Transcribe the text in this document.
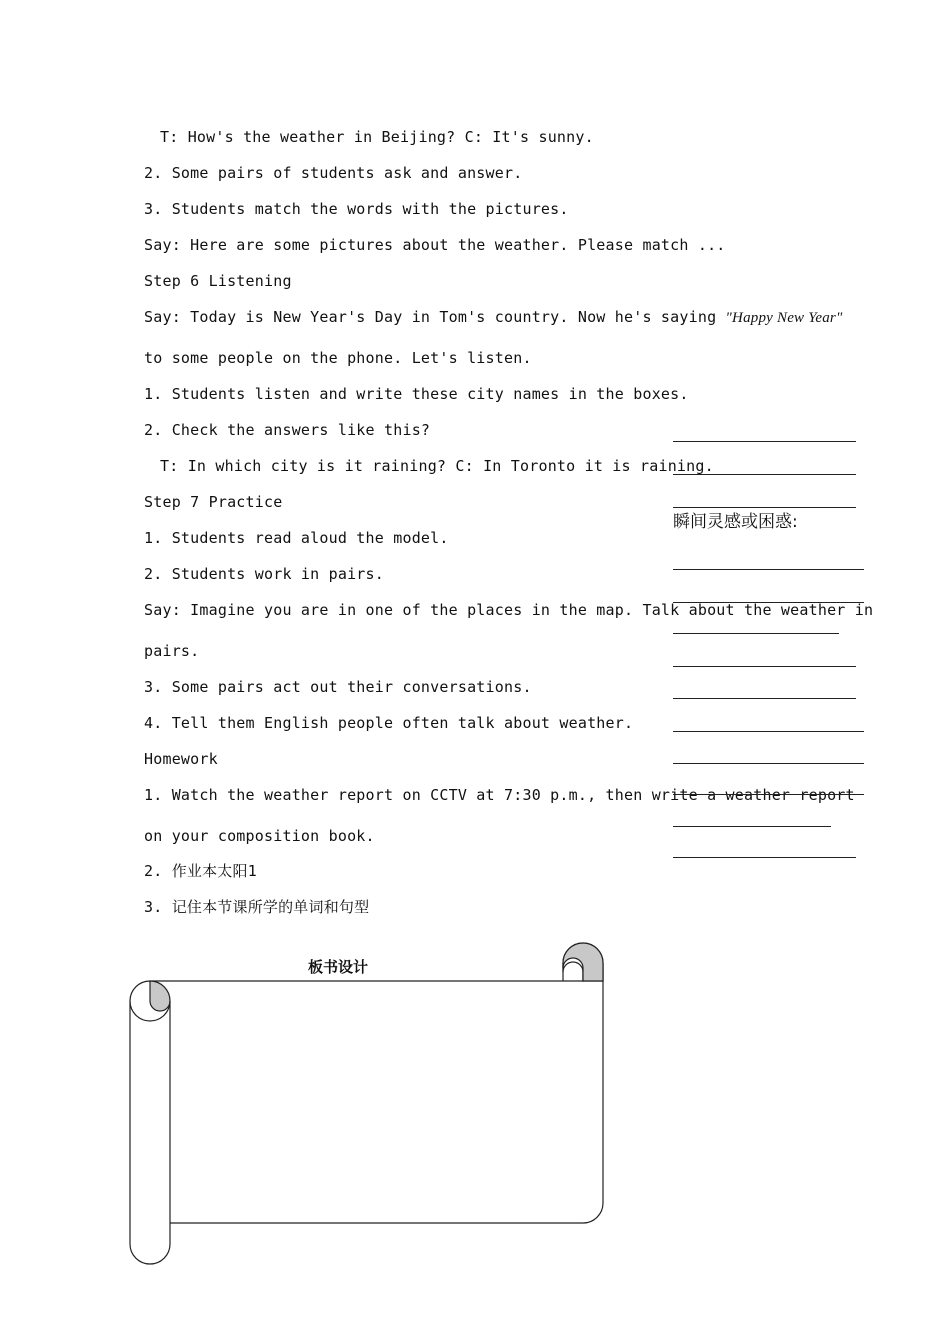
T: How's the weather in Beijing? C: It's sunny.
2. Some pairs of students ask and answer.
3. Students match the words with the pictures.
Say: Here are some pictures about the weather. Please match ...
Step 6 Listening
Say: Today is New Year's Day in Tom's country. Now he's saying "Happy New Year"
to some people on the phone. Let's listen.
1. Students listen and write these city names in the boxes.
2. Check the answers like this?
T: In which city is it raining? C: In Toronto it is raining.
Step 7 Practice
1. Students read aloud the model.
2. Students work in pairs.
Say: Imagine you are in one of the places in the map. Talk about the weather in
pairs.
3. Some pairs act out their conversations.
4. Tell them English people often talk about weather.
Homework
1. Watch the weather report on CCTV at 7:30 p.m., then write a weather report
on your composition book.
2. 作业本太阳1
3. 记住本节课所学的单词和句型
瞬间灵感或困惑:
板书设计
